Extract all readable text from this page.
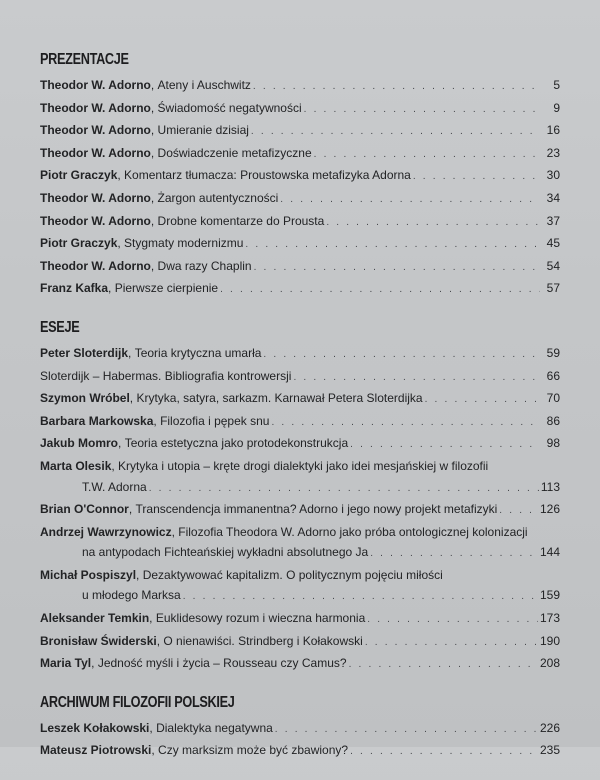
PREZENTACJE
Theodor W. Adorno , Ateny i Auschwitz . . .	5
Theodor W. Adorno , Świadomość negatywności . . .	9
Theodor W. Adorno , Umieranie dzisiaj . . .	16
Theodor W. Adorno , Doświadczenie metafizyczne . . .	23
Piotr Graczyk , Komentarz tłumacza: Proustowska metafizyka Adorna . . .	30
Theodor W. Adorno , Żargon autentyczności . . .	34
Theodor W. Adorno , Drobne komentarze do Prousta . . .	37
Piotr Graczyk , Stygmaty modernizmu . . .	45
Theodor W. Adorno , Dwa razy Chaplin . . .	54
Franz Kafka , Pierwsze cierpienie . . .	57
ESEJE
Peter Sloterdijk , Teoria krytyczna umarła . . .	59
Sloterdijk – Habermas. Bibliografia kontrowersji . . .	66
Szymon Wróbel , Krytyka, satyra, sarkazm. Karnawał Petera Sloterdijka . . .	70
Barbara Markowska , Filozofia i pępek snu . . .	86
Jakub Momro , Teoria estetyczna jako protodekonstrukcja . . .	98
Marta Olesik , Krytyka i utopia – kręte drogi dialektyki jako idei mesjańskiej w filozofii
T.W. Adorna . . .	113
Brian O'Connor , Transcendencja immanentna? Adorno i jego nowy projekt metafizyki . . .	126
Andrzej Wawrzynowicz , Filozofia Theodora W. Adorno jako próba ontologicznej kolonizacji
na antypodach Fichteańskiej wykładni absolutnego Ja . . .	144
Michał Pospiszyl , Dezaktywować kapitalizm. O politycznym pojęciu miłości
u młodego Marksa . . .	159
Aleksander Temkin , Euklidesowy rozum i wieczna harmonia . . .	173
Bronisław Świderski , O nienawiści. Strindberg i Kołakowski . . .	190
Maria Tyl , Jedność myśli i życia – Rousseau czy Camus? . . .	208
ARCHIWUM FILOZOFII POLSKIEJ
Leszek Kołakowski , Dialektyka negatywna . . .	226
Mateusz Piotrowski , Czy marksizm może być zbawiony? . . .	235
